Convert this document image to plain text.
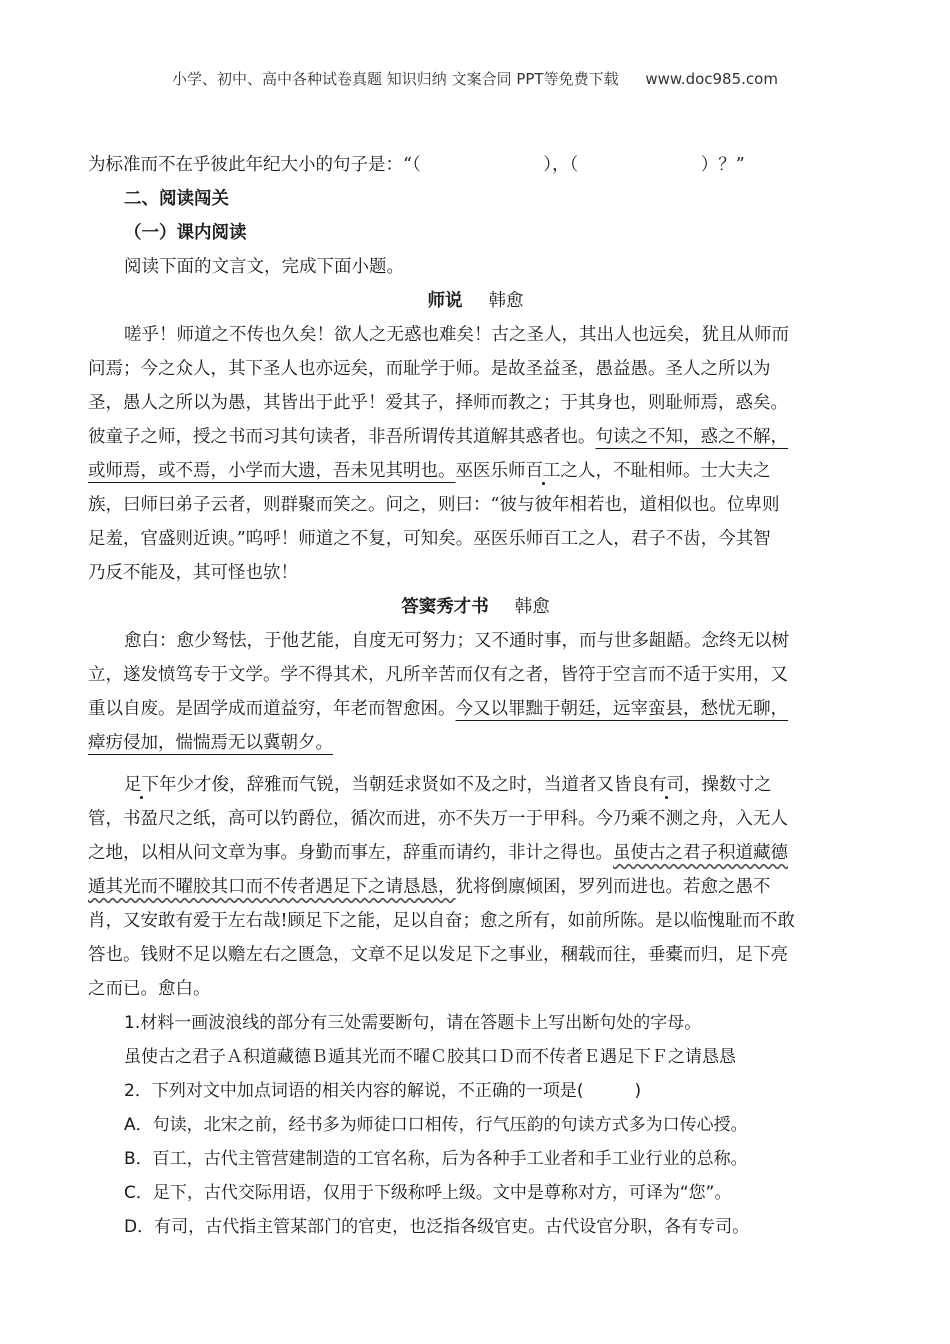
小学、初中、高中各种试卷真题 知识归纳 文案合同 PPT等免费下载 www.doc985.com
为标准而不在乎彼此年纪大小的句子是：“（　　　　　　　），（　　　　　　　）？”
二、阅读闯关
（一）课内阅读
阅读下面的文言文，完成下面小题。
师说 韩愈
嗟乎！师道之不传也久矣！欲人之无惑也难矣！古之圣人，其出人也远矣，犹且从师而
问焉；今之众人，其下圣人也亦远矣，而耻学于师。是故圣益圣，愚益愚。圣人之所以为
圣，愚人之所以为愚，其皆出于此乎！爱其子，择师而教之；于其身也，则耻师焉，惑矣。
彼童子之师，授之书而习其句读者，非吾所谓传其道解其惑者也。句读之不知，惑之不解，
或师焉，或不焉，小学而大遗，吾未见其明也。巫医乐师百工之人，不耻相师。士大夫之
族，曰师曰弟子云者，则群聚而笑之。问之，则曰：“彼与彼年相若也，道相似也。位卑则
足羞，官盛则近谀。”呜呼！师道之不复，可知矣。巫医乐师百工之人，君子不齿，今其智
乃反不能及，其可怪也欤！
答窦秀才书 韩愈
愈白：愈少驽怯，于他艺能，自度无可努力；又不通时事，而与世多龃龉。念终无以树
立，遂发愤笃专于文学。学不得其术，凡所辛苦而仅有之者，皆符于空言而不适于实用，又
重以自废。是固学成而道益穷，年老而智愈困。今又以罪黜于朝廷，远宰蛮县，愁忧无聊，
瘴疠侵加，惴惴焉无以冀朝夕。
足下年少才俊，辞雅而气锐，当朝廷求贤如不及之时，当道者又皆良有司，操数寸之
管，书盈尺之纸，高可以钓爵位，循次而进，亦不失万一于甲科。今乃乘不测之舟，入无人
之地，以相从问文章为事。身勤而事左，辞重而请约，非计之得也。虽使古之君子积道藏德
遁其光而不曜胶其口而不传者遇足下之请恳恳，犹将倒廪倾囷，罗列而进也。若愈之愚不
肖，又安敢有爱于左右哉!顾足下之能，足以自奋；愈之所有，如前所陈。是以临愧耻而不敢
答也。钱财不足以赡左右之匮急，文章不足以发足下之事业，稛载而往，垂橐而归，足下亮
之而已。愈白。
1.材料一画波浪线的部分有三处需要断句，请在答题卡上写出断句处的字母。
虽使古之君子Ａ积道藏德Ｂ遁其光而不曜Ｃ胶其口Ｄ而不传者Ｅ遇足下Ｆ之请恳恳
2．下列对文中加点词语的相关内容的解说，不正确的一项是(　　　)
A．句读，北宋之前，经书多为师徒口口相传，行气压韵的句读方式多为口传心授。
B．百工，古代主管营建制造的工官名称，后为各种手工业者和手工业行业的总称。
C．足下，古代交际用语，仅用于下级称呼上级。文中是尊称对方，可译为“您”。
D．有司，古代指主管某部门的官吏，也泛指各级官吏。古代设官分职，各有专司。
